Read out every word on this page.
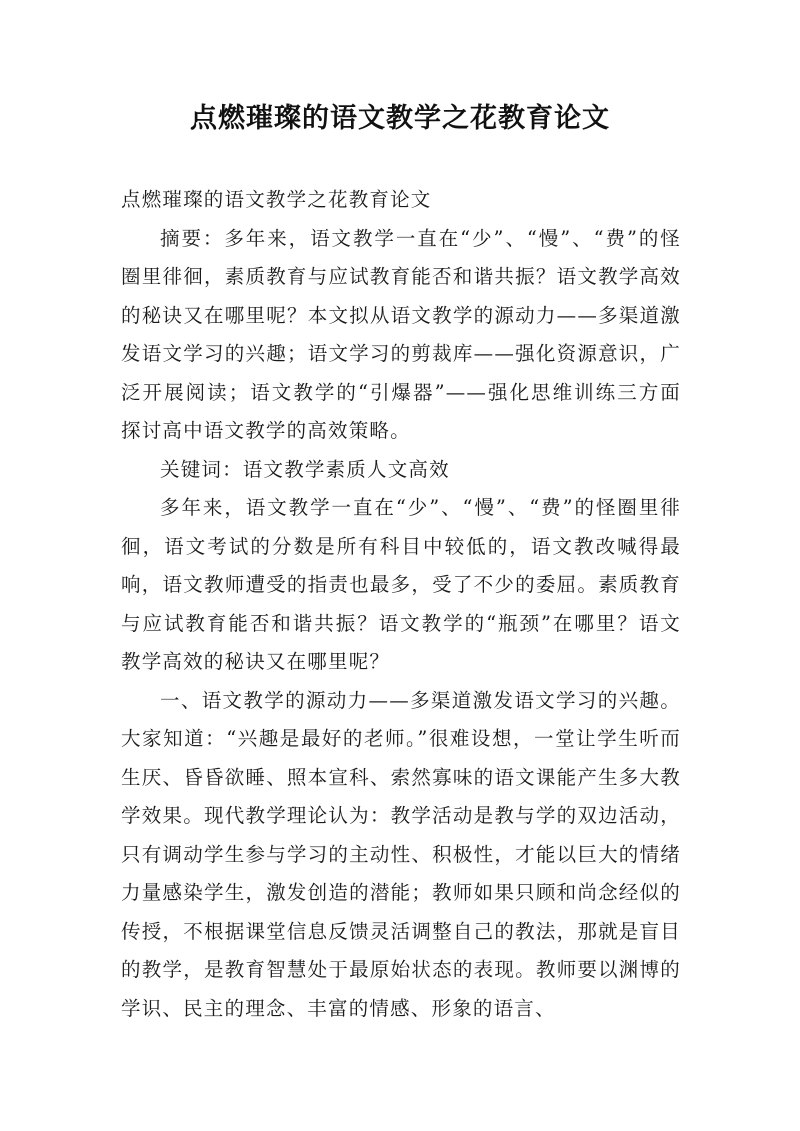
点燃璀璨的语文教学之花教育论文

点燃璀璨的语文教学之花教育论文

摘要：多年来，语文教学一直在“少”、“慢”、“费”的怪圈里徘徊，素质教育与应试教育能否和谐共振？语文教学高效的秘诀又在哪里呢？本文拟从语文教学的源动力——多渠道激发语文学习的兴趣；语文学习的剪裁库——强化资源意识，广泛开展阅读；语文教学的“引爆器”——强化思维训练三方面探讨高中语文教学的高效策略。

关键词：语文教学素质人文高效

多年来，语文教学一直在“少”、“慢”、“费”的怪圈里徘徊，语文考试的分数是所有科目中较低的，语文教改喊得最响，语文教师遭受的指责也最多，受了不少的委屈。素质教育与应试教育能否和谐共振？语文教学的“瓶颈”在哪里？语文教学高效的秘诀又在哪里呢？

一、语文教学的源动力——多渠道激发语文学习的兴趣。大家知道：“兴趣是最好的老师。”很难设想，一堂让学生听而生厌、昏昏欲睡、照本宣科、索然寡味的语文课能产生多大教学效果。现代教学理论认为：教学活动是教与学的双边活动，只有调动学生参与学习的主动性、积极性，才能以巨大的情绪力量感染学生，激发创造的潜能；教师如果只顾和尚念经似的传授，不根据课堂信息反馈灵活调整自己的教法，那就是盲目的教学，是教育智慧处于最原始状态的表现。教师要以渊博的学识、民主的理念、丰富的情感、形象的语言、
